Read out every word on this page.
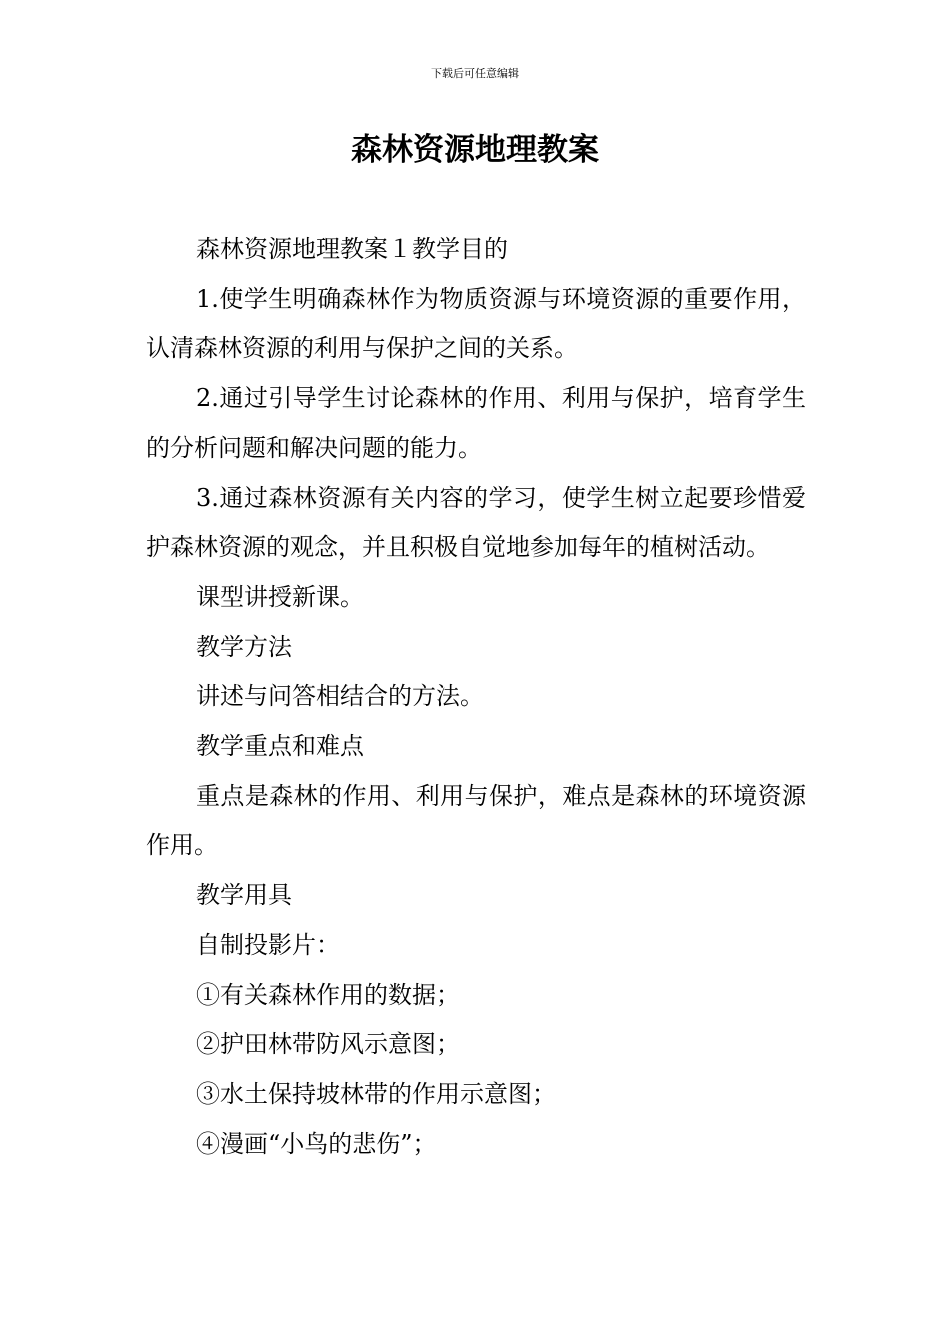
下载后可任意编辑
森林资源地理教案

森林资源地理教案１教学目的

1.使学生明确森林作为物质资源与环境资源的重要作用，认清森林资源的利用与保护之间的关系。

2.通过引导学生讨论森林的作用、利用与保护，培育学生的分析问题和解决问题的能力。

3.通过森林资源有关内容的学习，使学生树立起要珍惜爱护森林资源的观念，并且积极自觉地参加每年的植树活动。

课型讲授新课。

教学方法

讲述与问答相结合的方法。

教学重点和难点

重点是森林的作用、利用与保护，难点是森林的环境资源作用。

教学用具

自制投影片：

①有关森林作用的数据；

②护田林带防风示意图；

③水土保持坡林带的作用示意图；

④漫画“小鸟的悲伤”；
